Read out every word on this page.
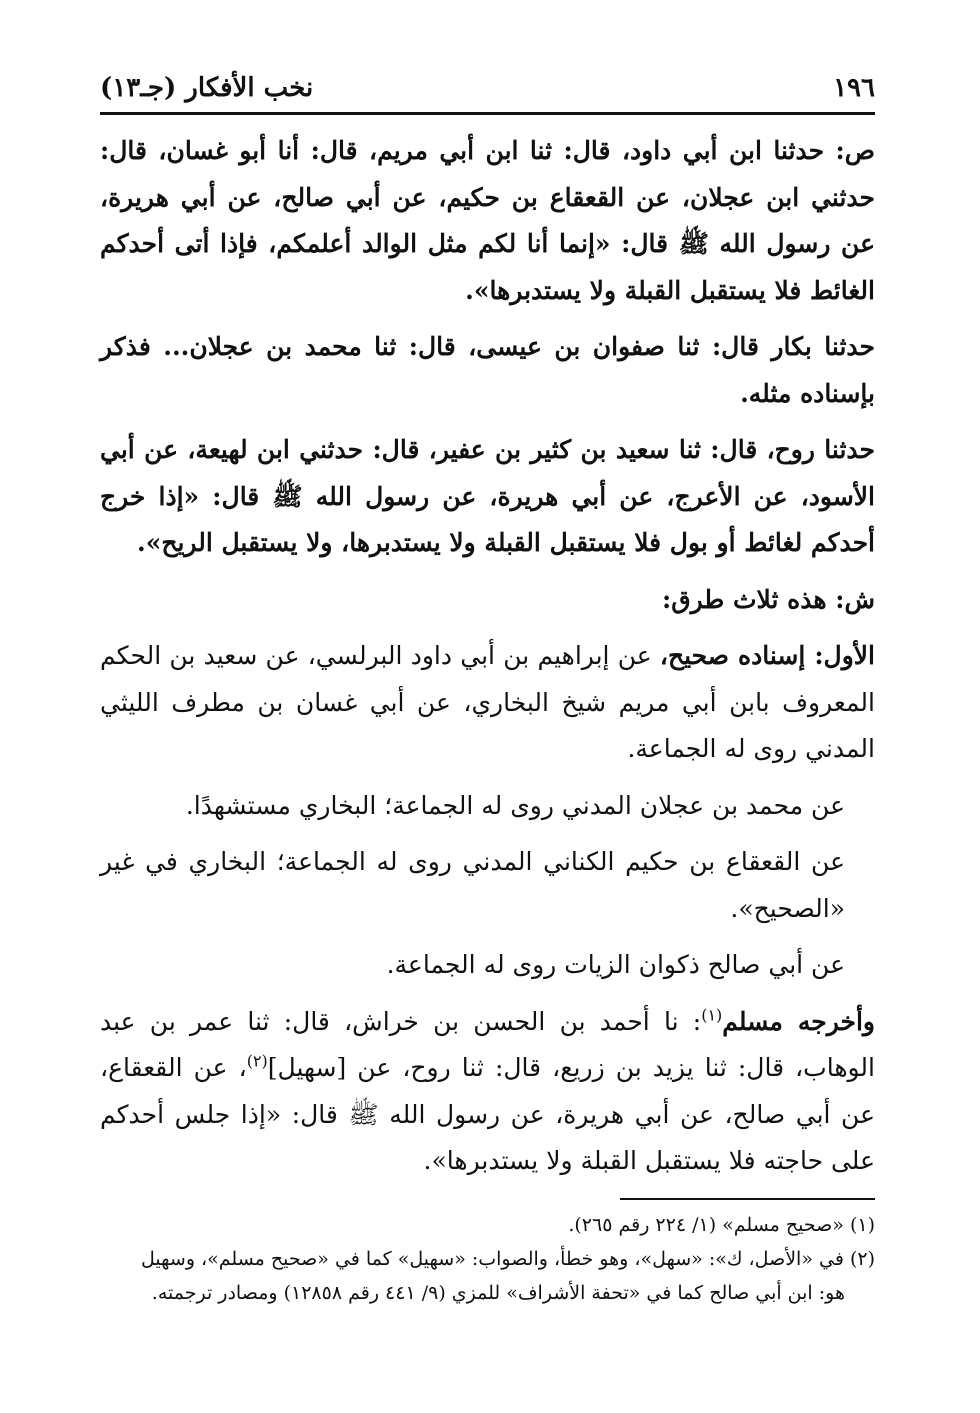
١٩٦
نخب الأفكار (جـ١٣)

ص: حدثنا ابن أبي داود، قال: ثنا ابن أبي مريم، قال: أنا أبو غسان، قال: حدثني ابن عجلان، عن القعقاع بن حكيم، عن أبي صالح، عن أبي هريرة، عن رسول الله ﷺ قال: «إنما أنا لكم مثل الوالد أعلمكم، فإذا أتى أحدكم الغائط فلا يستقبل القبلة ولا يستدبرها».

حدثنا بكار قال: ثنا صفوان بن عيسى، قال: ثنا محمد بن عجلان... فذكر بإسناده مثله.

حدثنا روح، قال: ثنا سعيد بن كثير بن عفير، قال: حدثني ابن لهيعة، عن أبي الأسود، عن الأعرج، عن أبي هريرة، عن رسول الله ﷺ قال: «إذا خرج أحدكم لغائط أو بول فلا يستقبل القبلة ولا يستدبرها، ولا يستقبل الريح».

ش: هذه ثلاث طرق:

الأول: إسناده صحيح، عن إبراهيم بن أبي داود البرلسي، عن سعيد بن الحكم المعروف بابن أبي مريم شيخ البخاري، عن أبي غسان بن مطرف الليثي المدني روى له الجماعة.

عن محمد بن عجلان المدني روى له الجماعة؛ البخاري مستشهدًا.

عن القعقاع بن حكيم الكناني المدني روى له الجماعة؛ البخاري في غير «الصحيح».

عن أبي صالح ذكوان الزيات روى له الجماعة.

وأخرجه مسلم$^{(١)}$: نا أحمد بن الحسن بن خراش، قال: ثنا عمر بن عبد الوهاب، قال: ثنا يزيد بن زريع، قال: ثنا روح، عن [سهيل]$^{(٢)}$، عن القعقاع، عن أبي صالح، عن أبي هريرة، عن رسول الله ﷺ قال: «إذا جلس أحدكم على حاجته فلا يستقبل القبلة ولا يستدبرها».

(١) «صحيح مسلم» (١/ ٢٢٤ رقم ٢٦٥).

(٢) في «الأصل، ك»: «سهل»، وهو خطأ، والصواب: «سهيل» كما في «صحيح مسلم»، وسهيل

هو: ابن أبي صالح كما في «تحفة الأشراف» للمزي (٩/ ٤٤١ رقم ١٢٨٥٨) ومصادر ترجمته.
